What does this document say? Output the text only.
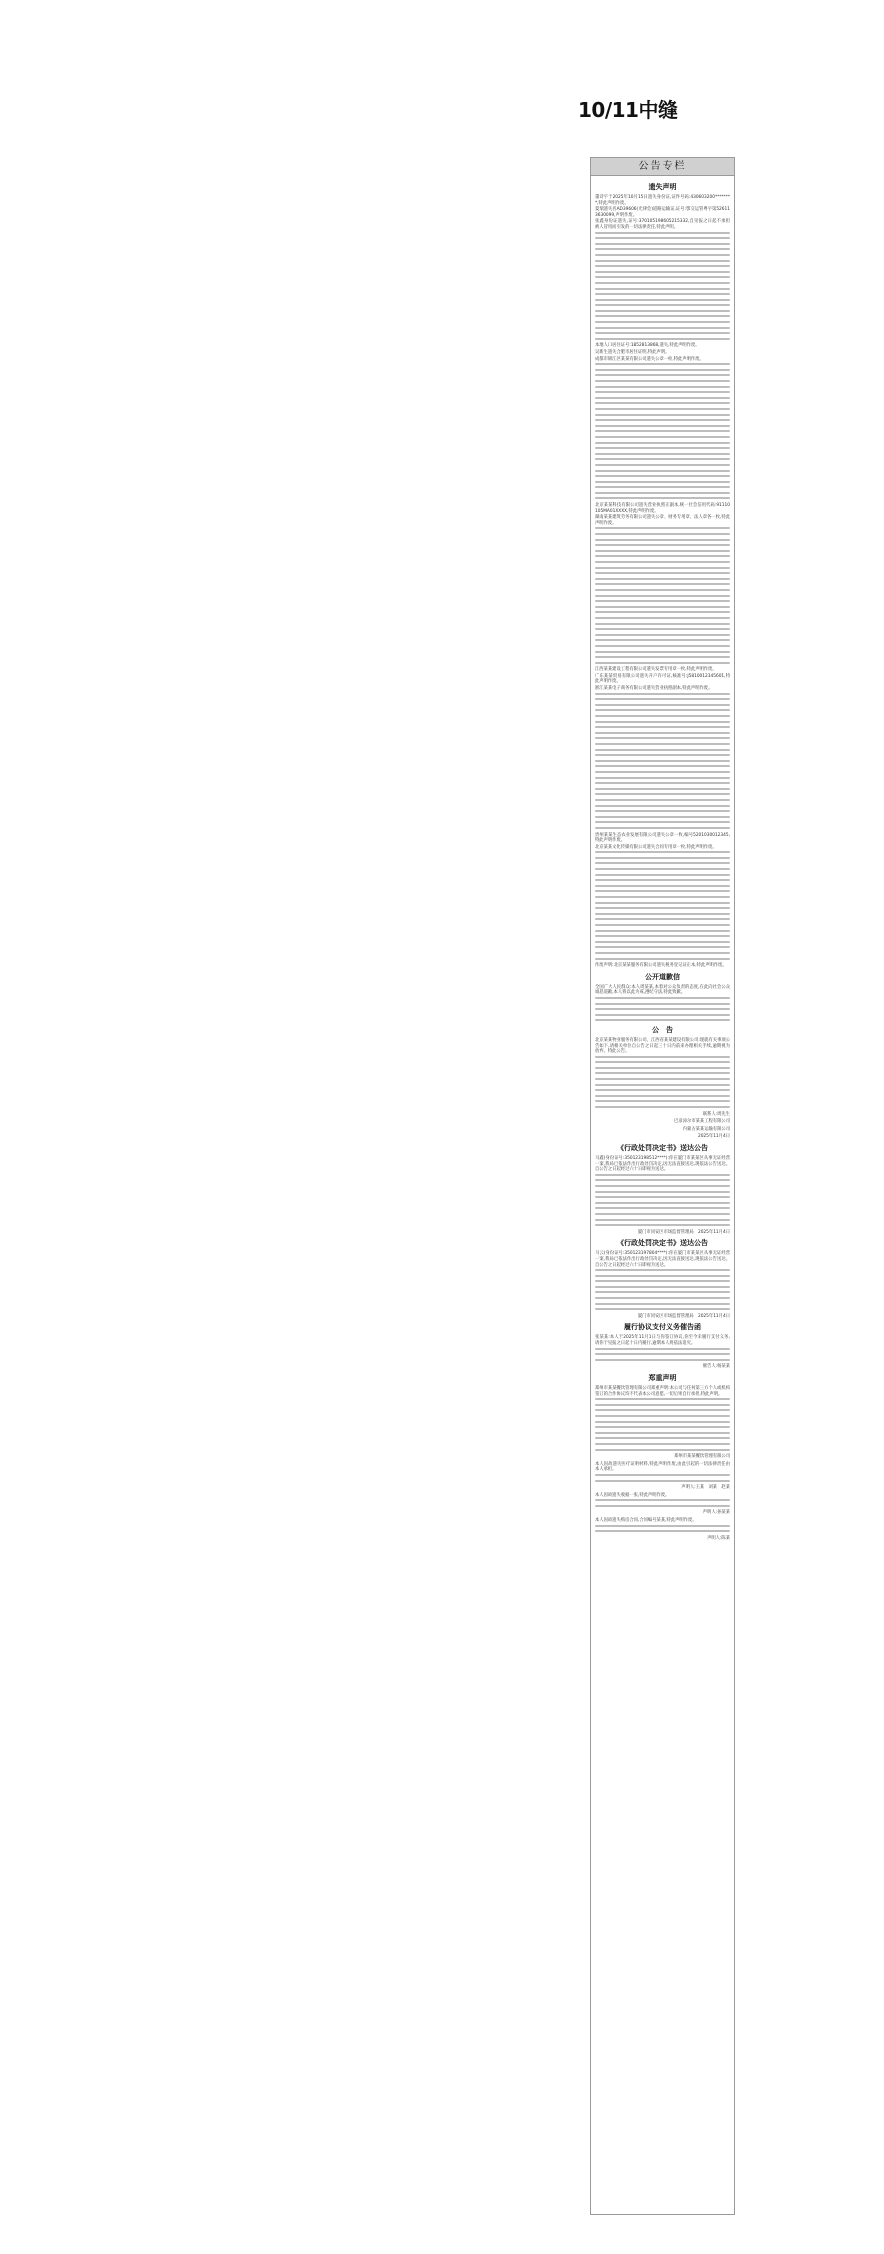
10/11中缝
公告专栏
遗失声明

董诗宇于2025年10月15日遗失身份证,证件号码:430603200********,特此声明作废。

夏瑞遗失名AD39606(光律会)道路运输证,证号:鄂交运管粤字第526113630099,声明作废。

张鑫身份证遗失,证号:370105198605215332,自见报之日起不承担被人冒用而引发的一切法律责任,特此声明。

本地人口居住证号:1852813868,遗失,特此声明作废。

吴新生遗失合肥市居住证明,特此声明。

成都市锦江区某某有限公司遗失公章一枚,特此声明作废。

北京某某科技有限公司遗失营业执照正副本,统一社会信用代码:91110105MA01XXXX,特此声明作废。

湖南某某建筑劳务有限公司遗失公章、财务专用章、法人章各一枚,特此声明作废。

江西某某建设工程有限公司遗失发票专用章一枚,特此声明作废。

广东某某贸易有限公司遗失开户许可证,核准号:J5810012345601,特此声明作废。

浙江某某电子商务有限公司遗失营业执照副本,特此声明作废。

贵州某某生态农业发展有限公司遗失公章一枚,编号5201030012345,特此声明作废。

北京某某文化传媒有限公司遗失合同专用章一枚,特此声明作废。

作废声明:北京某某服务有限公司遗失税务登记证正本,特此声明作废。

公开道歉信

全国广大人民群众:本人周某某,本着对公众负责的态度,在此向社会公众诚恳道歉,本人将以此为戒,遵纪守法,特此致歉。

公　告

北京某某物业服务有限公司、江西省某某建设有限公司:现就有关事项公告如下,请相关单位自公告之日起三十日内前来办理相关手续,逾期视为放弃。特此公告。

联系人:周先生
巴彦淖尔市某某工程有限公司
内蒙古某某运输有限公司
2025年11月4日
《行政处罚决定书》送达公告

马鑫(身份证号:350123198512****):你在厦门市某某区从事无证经营一案,我局已依法作出行政处罚决定,因无法直接送达,现依法公告送达。自公告之日起经过六十日即视为送达。

厦门市同安区市场监督管理局　2025年11月4日
《行政处罚决定书》送达公告

马云(身份证号:350123197804****):你在厦门市某某区从事无证经营一案,我局已依法作出行政处罚决定,因无法直接送达,现依法公告送达。自公告之日起经过六十日即视为送达。

厦门市同安区市场监督管理局　2025年11月4日
履行协议支付义务催告函

张某某:本人于2025年11月1日与你签订协议,你至今未履行支付义务,请你于见报之日起十日内履行,逾期本人将依法追究。

催告人:杨某某
郑重声明

郑州市某某餐饮管理有限公司郑重声明:本公司与任何第三方个人或机构签订的合作协议均不代表本公司意愿,一切后果自行承担,特此声明。

郑州市某某餐饮管理有限公司

本人因故遗失医疗证明材料,特此声明作废,由此引起的一切法律责任由本人承担。

声明人:王某　刘某　赵某

本人因故遗失收据一张,特此声明作废。

声明人:孙某某

本人因故遗失购房合同,合同编号某某,特此声明作废。

声明人:陈某
